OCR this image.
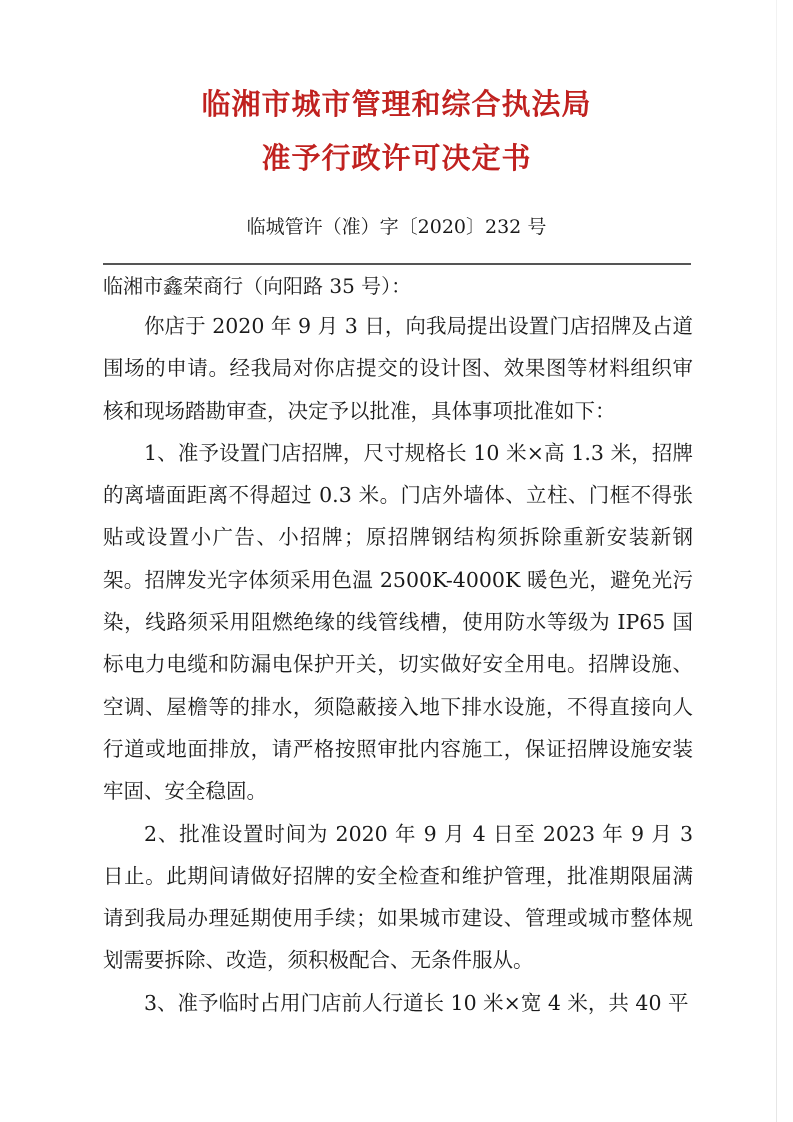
临湘市城市管理和综合执法局
准予行政许可决定书
临城管许（准）字〔2020〕232 号
临湘市鑫荣商行（向阳路 35 号）：

你店于 2020 年 9 月 3 日，向我局提出设置门店招牌及占道围场的申请。经我局对你店提交的设计图、效果图等材料组织审核和现场踏勘审查，决定予以批准，具体事项批准如下：

1、准予设置门店招牌，尺寸规格长 10 米×高 1.3 米，招牌的离墙面距离不得超过 0.3 米。门店外墙体、立柱、门框不得张贴或设置小广告、小招牌；原招牌钢结构须拆除重新安装新钢架。招牌发光字体须采用色温 2500K-4000K 暖色光，避免光污染，线路须采用阻燃绝缘的线管线槽，使用防水等级为 IP65 国标电力电缆和防漏电保护开关，切实做好安全用电。招牌设施、空调、屋檐等的排水，须隐蔽接入地下排水设施，不得直接向人行道或地面排放，请严格按照审批内容施工，保证招牌设施安装牢固、安全稳固。

2、批准设置时间为 2020 年 9 月 4 日至 2023 年 9 月 3 日止。此期间请做好招牌的安全检查和维护管理，批准期限届满请到我局办理延期使用手续；如果城市建设、管理或城市整体规划需要拆除、改造，须积极配合、无条件服从。

3、准予临时占用门店前人行道长 10 米×宽 4 米，共 40 平
